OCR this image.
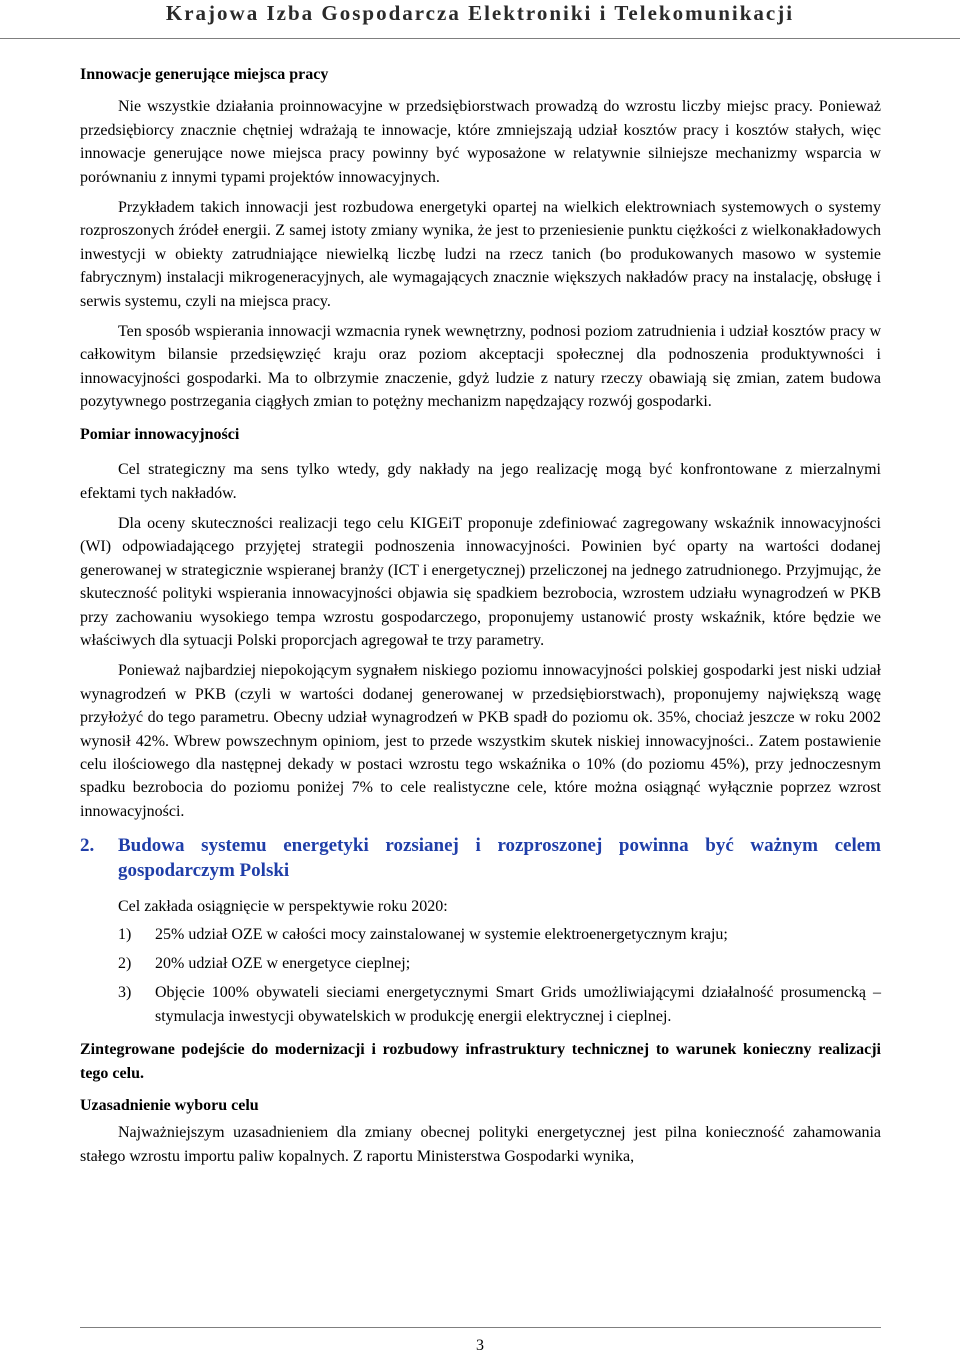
Krajowa Izba Gospodarcza Elektroniki i Telekomunikacji
Innowacje generujące miejsca pracy

Nie wszystkie działania proinnowacyjne w przedsiębiorstwach prowadzą do wzrostu liczby miejsc pracy. Ponieważ przedsiębiorcy znacznie chętniej wdrażają te innowacje, które zmniejszają udział kosztów pracy i kosztów stałych, więc innowacje generujące nowe miejsca pracy powinny być wyposażone w relatywnie silniejsze mechanizmy wsparcia w porównaniu z innymi typami projektów innowacyjnych.

Przykładem takich innowacji jest rozbudowa energetyki opartej na wielkich elektrowniach systemowych o systemy rozproszonych źródeł energii. Z samej istoty zmiany wynika, że jest to przeniesienie punktu ciężkości z wielkonakładowych inwestycji w obiekty zatrudniające niewielką liczbę ludzi na rzecz tanich (bo produkowanych masowo w systemie fabrycznym) instalacji mikrogeneracyjnych, ale wymagających znacznie większych nakładów pracy na instalację, obsługę i serwis systemu, czyli na miejsca pracy.

Ten sposób wspierania innowacji wzmacnia rynek wewnętrzny, podnosi poziom zatrudnienia i udział kosztów pracy w całkowitym bilansie przedsięwzięć kraju oraz poziom akceptacji społecznej dla podnoszenia produktywności i innowacyjności gospodarki. Ma to olbrzymie znaczenie, gdyż ludzie z natury rzeczy obawiają się zmian, zatem budowa pozytywnego postrzegania ciągłych zmian to potężny mechanizm napędzający rozwój gospodarki.

Pomiar innowacyjności

Cel strategiczny ma sens tylko wtedy, gdy nakłady na jego realizację mogą być konfrontowane z mierzalnymi efektami tych nakładów.

Dla oceny skuteczności realizacji tego celu KIGEiT proponuje zdefiniować zagregowany wskaźnik innowacyjności (WI) odpowiadającego przyjętej strategii podnoszenia innowacyjności. Powinien być oparty na wartości dodanej generowanej w strategicznie wspieranej branży (ICT i energetycznej) przeliczonej na jednego zatrudnionego. Przyjmując, że skuteczność polityki wspierania innowacyjności objawia się spadkiem bezrobocia, wzrostem udziału wynagrodzeń w PKB przy zachowaniu wysokiego tempa wzrostu gospodarczego, proponujemy ustanowić prosty wskaźnik, które będzie we właściwych dla sytuacji Polski proporcjach agregował te trzy parametry.

Ponieważ najbardziej niepokojącym sygnałem niskiego poziomu innowacyjności polskiej gospodarki jest niski udział wynagrodzeń w PKB (czyli w wartości dodanej generowanej w przedsiębiorstwach), proponujemy największą wagę przyłożyć do tego parametru. Obecny udział wynagrodzeń w PKB spadł do poziomu ok. 35%, chociaż jeszcze w roku 2002 wynosił 42%. Wbrew powszechnym opiniom, jest to przede wszystkim skutek niskiej innowacyjności.. Zatem postawienie celu ilościowego dla następnej dekady w postaci wzrostu tego wskaźnika o 10% (do poziomu 45%), przy jednoczesnym spadku bezrobocia do poziomu poniżej 7% to cele realistyczne cele, które można osiągnąć wyłącznie poprzez wzrost innowacyjności.

2.	Budowa systemu energetyki rozsianej i rozproszonej powinna być ważnym celem gospodarczym Polski

Cel zakłada osiągnięcie w perspektywie roku 2020:

1)	25% udział OZE w całości mocy zainstalowanej w systemie elektroenergetycznym kraju;
2)	20% udział OZE w energetyce cieplnej;
3)	Objęcie 100% obywateli sieciami energetycznymi Smart Grids umożliwiającymi działalność prosumencką – stymulacja inwestycji obywatelskich w produkcję energii elektrycznej i cieplnej.

Zintegrowane podejście do modernizacji i rozbudowy infrastruktury technicznej to warunek konieczny realizacji tego celu.

Uzasadnienie wyboru celu

Najważniejszym uzasadnieniem dla zmiany obecnej polityki energetycznej jest pilna konieczność zahamowania stałego wzrostu importu paliw kopalnych. Z raportu Ministerstwa Gospodarki wynika,

3
